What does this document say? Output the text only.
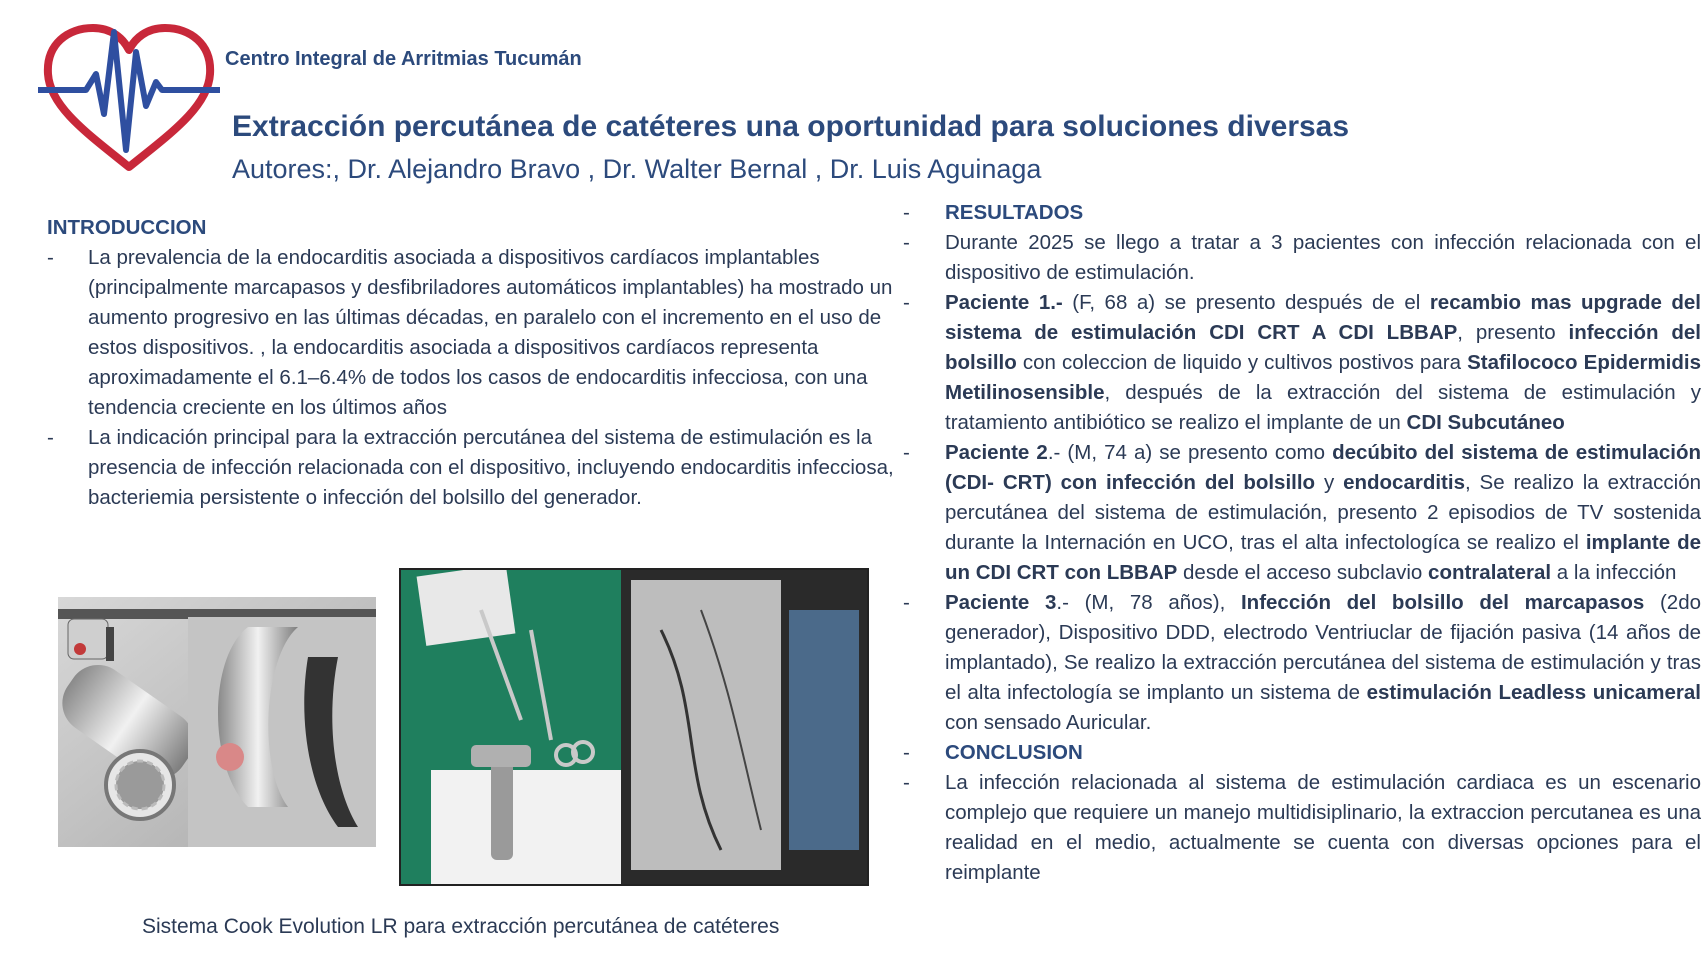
Centro Integral de Arritmias Tucumán
Extracción percutánea de catéteres una oportunidad para soluciones diversas
Autores:, Dr. Alejandro Bravo , Dr. Walter Bernal , Dr. Luis Aguinaga

INTRODUCCION

- La prevalencia de la endocarditis asociada a dispositivos cardíacos implantables (principalmente marcapasos y desfibriladores automáticos implantables) ha mostrado un aumento progresivo en las últimas décadas, en paralelo con el incremento en el uso de estos dispositivos. , la endocarditis asociada a dispositivos cardíacos representa aproximadamente el 6.1–6.4% de todos los casos de endocarditis infecciosa, con una tendencia creciente en los últimos años
- La indicación principal para la extracción percutánea del sistema de estimulación es la presencia de infección relacionada con el dispositivo, incluyendo endocarditis infecciosa, bacteriemia persistente o infección del bolsillo del generador.
Sistema Cook Evolution LR para extracción percutánea de catéteres
- RESULTADOS
- Durante 2025 se llego a tratar a 3 pacientes con infección relacionada con el dispositivo de estimulación.
- Paciente 1.- (F, 68 a) se presento después de el recambio mas upgrade del sistema de estimulación CDI CRT A CDI LBBAP, presento infección del bolsillo con coleccion de liquido y cultivos postivos para Stafilococo Epidermidis Metilinosensible, después de la extracción del sistema de estimulación y tratamiento antibiótico se realizo el implante de un CDI Subcutáneo
- Paciente 2.- (M, 74 a) se presento como decúbito del sistema de estimulación (CDI- CRT) con infección del bolsillo y endocarditis, Se realizo la extracción percutánea del sistema de estimulación, presento 2 episodios de TV sostenida durante la Internación en UCO, tras el alta infectologíca se realizo el implante de un CDI CRT con LBBAP desde el acceso subclavio contralateral a la infección
- Paciente 3.- (M, 78 años), Infección del bolsillo del marcapasos (2do generador), Dispositivo DDD, electrodo Ventriuclar de fijación pasiva (14 años de implantado), Se realizo la extracción percutánea del sistema de estimulación y tras el alta infectología se implanto un sistema de estimulación Leadless unicameral con sensado Auricular.
- CONCLUSION
- La infección relacionada al sistema de estimulación cardiaca es un escenario complejo que requiere un manejo multidisiplinario, la extraccion percutanea es una realidad en el medio, actualmente se cuenta con diversas opciones para el reimplante
